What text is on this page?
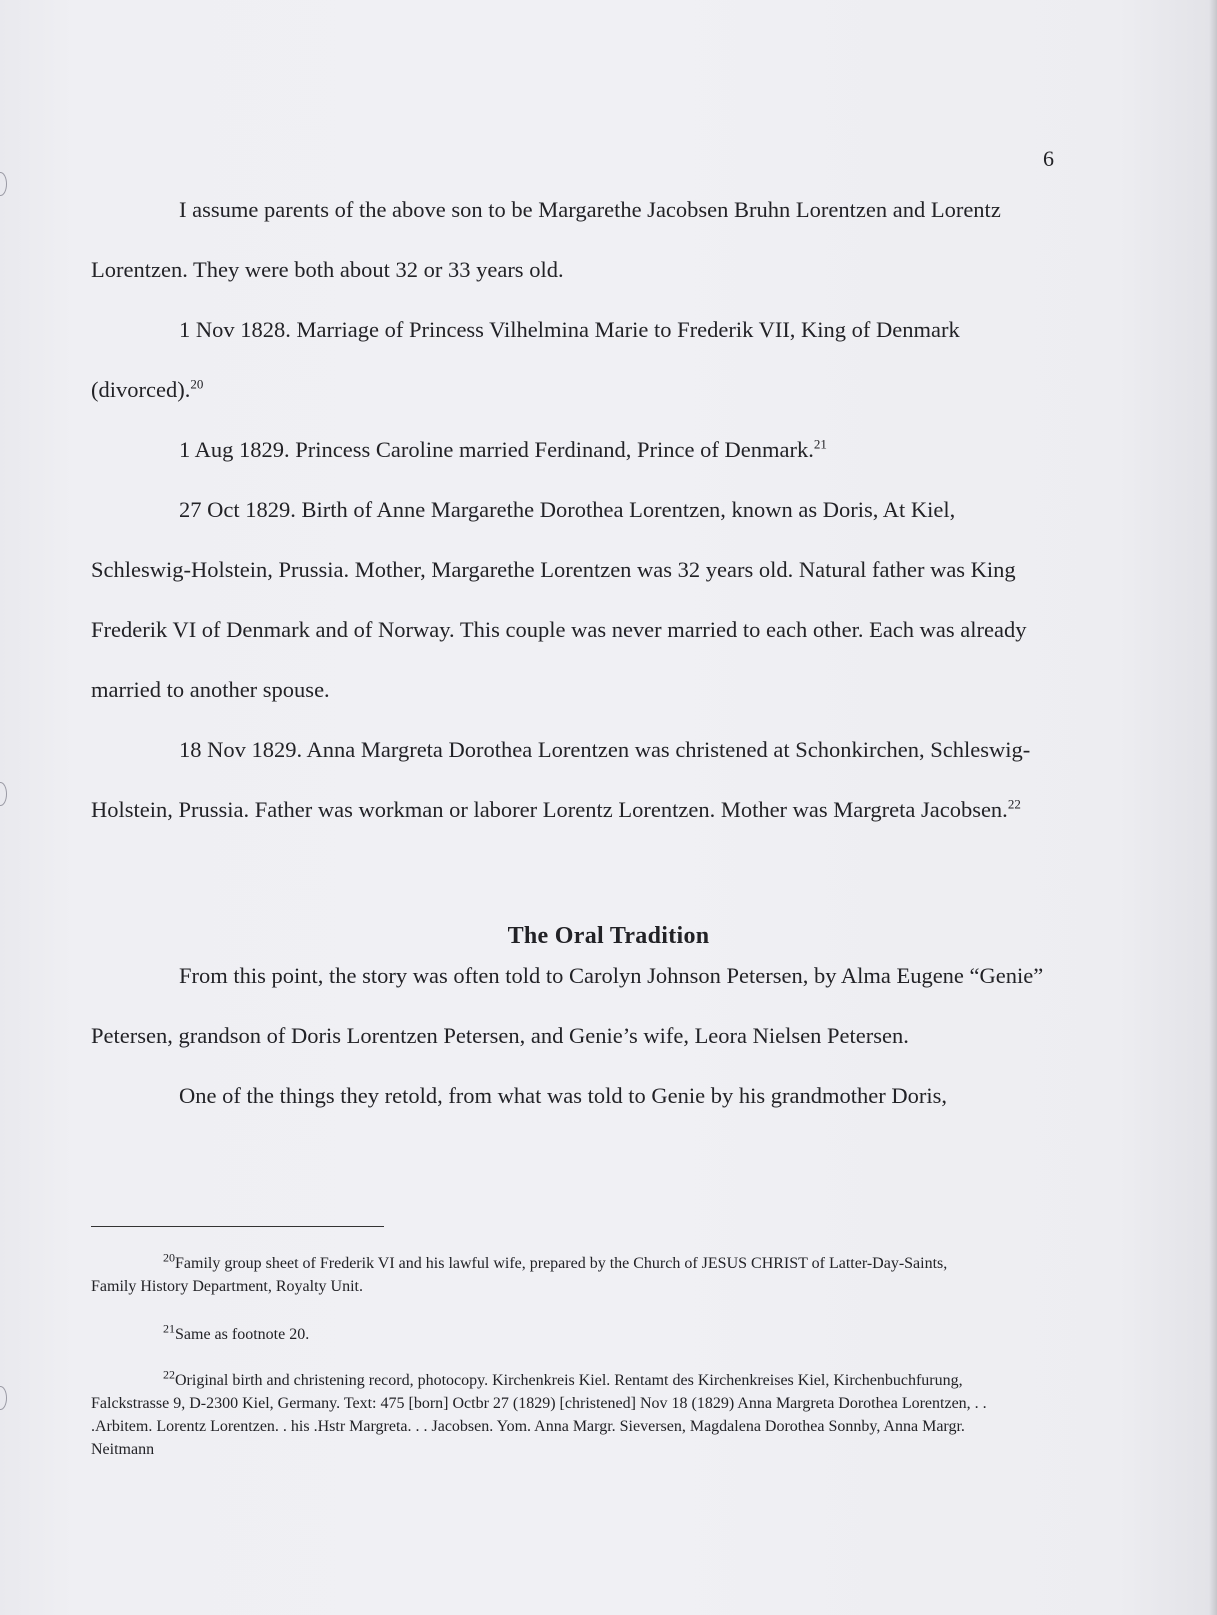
6

I assume parents of the above son to be Margarethe Jacobsen Bruhn Lorentzen and Lorentz Lorentzen. They were both about 32 or 33 years old.

1 Nov 1828. Marriage of Princess Vilhelmina Marie to Frederik VII, King of Denmark (divorced).$^{20}$

1 Aug 1829. Princess Caroline married Ferdinand, Prince of Denmark.$^{21}$

27 Oct 1829. Birth of Anne Margarethe Dorothea Lorentzen, known as Doris, At Kiel, Schleswig-Holstein, Prussia. Mother, Margarethe Lorentzen was 32 years old. Natural father was King Frederik VI of Denmark and of Norway. This couple was never married to each other. Each was already married to another spouse.

18 Nov 1829. Anna Margreta Dorothea Lorentzen was christened at Schonkirchen, Schleswig-Holstein, Prussia. Father was workman or laborer Lorentz Lorentzen. Mother was Margreta Jacobsen.$^{22}$

The Oral Tradition

From this point, the story was often told to Carolyn Johnson Petersen, by Alma Eugene “Genie” Petersen, grandson of Doris Lorentzen Petersen, and Genie’s wife, Leora Nielsen Petersen.

One of the things they retold, from what was told to Genie by his grandmother Doris,

$^{20}$Family group sheet of Frederik VI and his lawful wife, prepared by the Church of JESUS CHRIST of Latter-Day-Saints, Family History Department, Royalty Unit.

$^{21}$Same as footnote 20.

$^{22}$Original birth and christening record, photocopy. Kirchenkreis Kiel. Rentamt des Kirchenkreises Kiel, Kirchenbuchfurung, Falckstrasse 9, D-2300 Kiel, Germany. Text: 475 [born] Octbr 27 (1829) [christened] Nov 18 (1829) Anna Margreta Dorothea Lorentzen, . . .Arbitem. Lorentz Lorentzen. . his .Hstr Margreta. . . Jacobsen. Yom. Anna Margr. Sieversen, Magdalena Dorothea Sonnby, Anna Margr. Neitmann
